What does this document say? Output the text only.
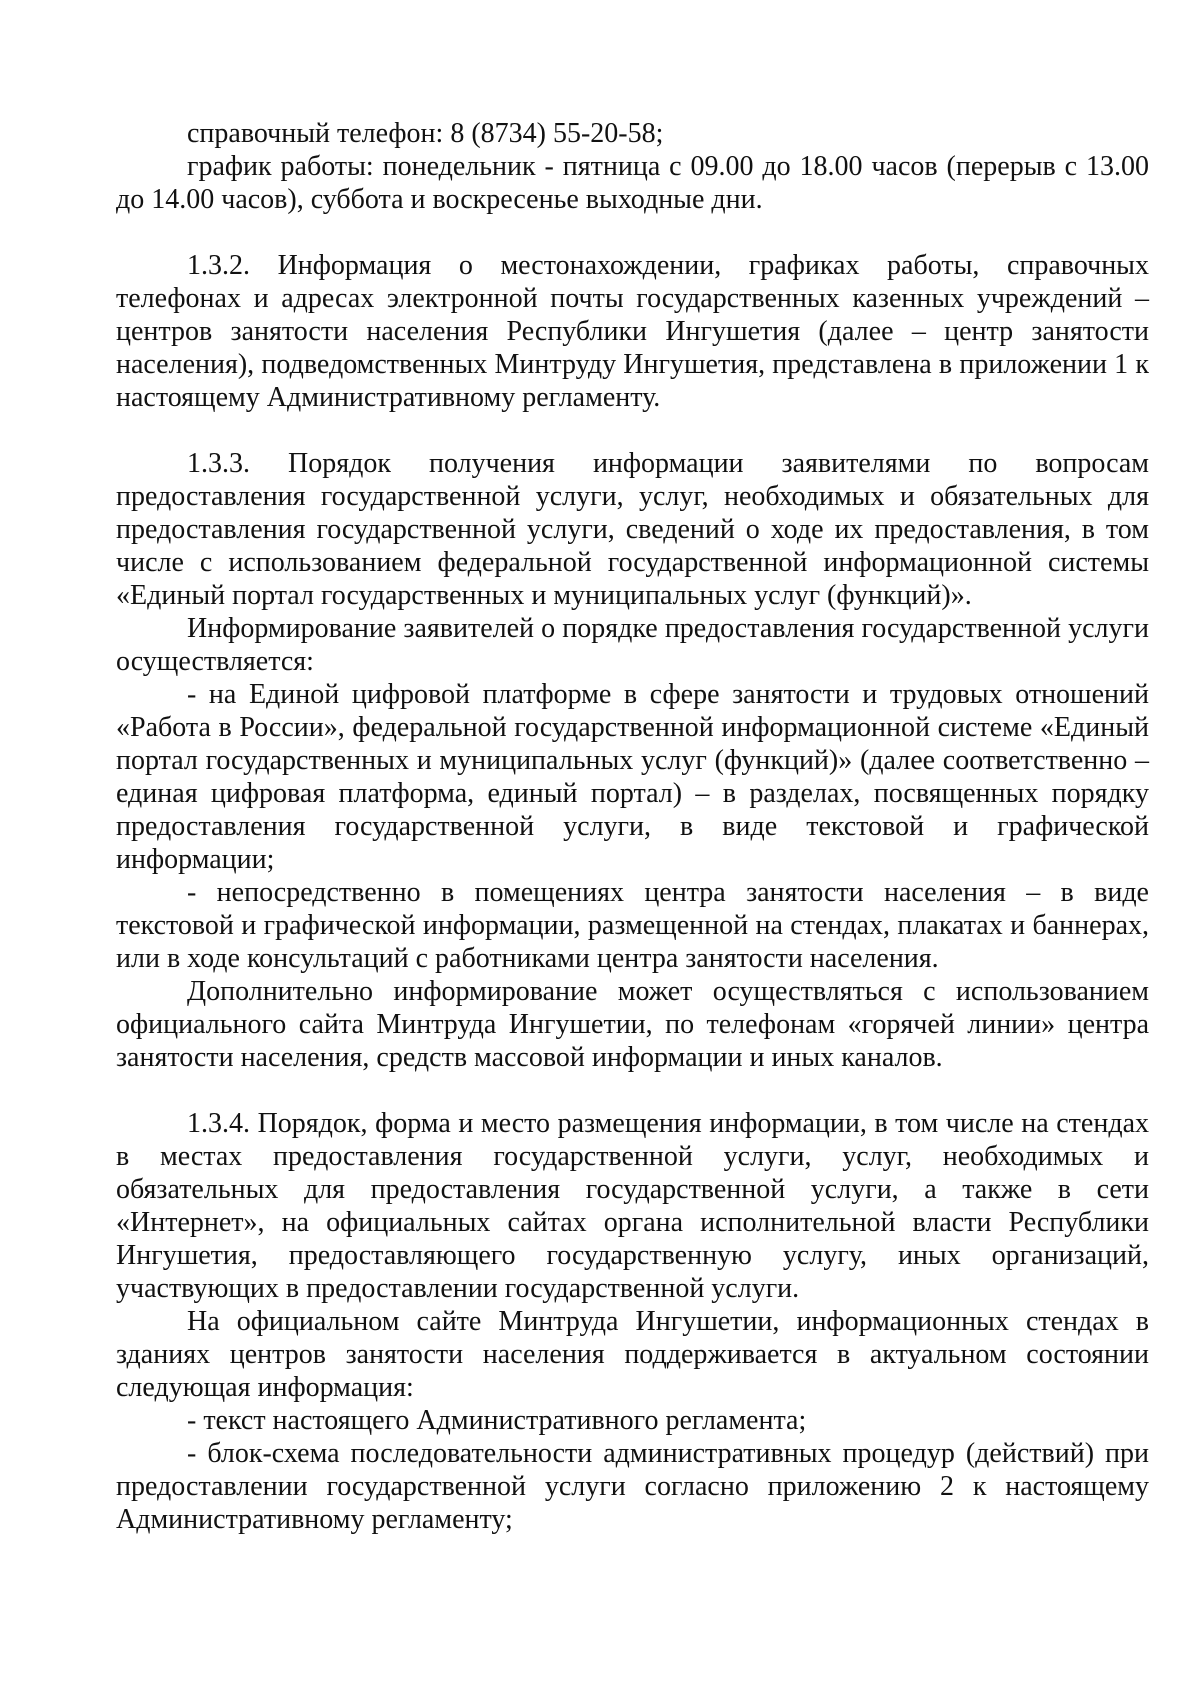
справочный телефон: 8 (8734) 55-20-58;

график работы: понедельник - пятница с 09.00 до 18.00 часов (перерыв с 13.00 до 14.00 часов), суббота и воскресенье выходные дни.

1.3.2. Информация о местонахождении, графиках работы, справочных телефонах и адресах электронной почты государственных казенных учреждений – центров занятости населения Республики Ингушетия (далее – центр занятости населения), подведомственных Минтруду Ингушетия, представлена в приложении 1 к настоящему Административному регламенту.

1.3.3. Порядок получения информации заявителями по вопросам предоставления государственной услуги, услуг, необходимых и обязательных для предоставления государственной услуги, сведений о ходе их предоставления, в том числе с использованием федеральной государственной информационной системы «Единый портал государственных и муниципальных услуг (функций)».

Информирование заявителей о порядке предоставления государственной услуги осуществляется:

- на Единой цифровой платформе в сфере занятости и трудовых отношений «Работа в России», федеральной государственной информационной системе «Единый портал государственных и муниципальных услуг (функций)» (далее соответственно – единая цифровая платформа, единый портал) – в разделах, посвященных порядку предоставления государственной услуги, в виде текстовой и графической информации;

- непосредственно в помещениях центра занятости населения – в виде текстовой и графической информации, размещенной на стендах, плакатах и баннерах, или в ходе консультаций с работниками центра занятости населения.

Дополнительно информирование может осуществляться с использованием официального сайта Минтруда Ингушетии, по телефонам «горячей линии» центра занятости населения, средств массовой информации и иных каналов.

1.3.4. Порядок, форма и место размещения информации, в том числе на стендах в местах предоставления государственной услуги, услуг, необходимых и обязательных для предоставления государственной услуги, а также в сети «Интернет», на официальных сайтах органа исполнительной власти Республики Ингушетия, предоставляющего государственную услугу, иных организаций, участвующих в предоставлении государственной услуги.

На официальном сайте Минтруда Ингушетии, информационных стендах в зданиях центров занятости населения поддерживается в актуальном состоянии следующая информация:

- текст настоящего Административного регламента;

- блок-схема последовательности административных процедур (действий) при предоставлении государственной услуги согласно приложению 2 к настоящему Административному регламенту;
